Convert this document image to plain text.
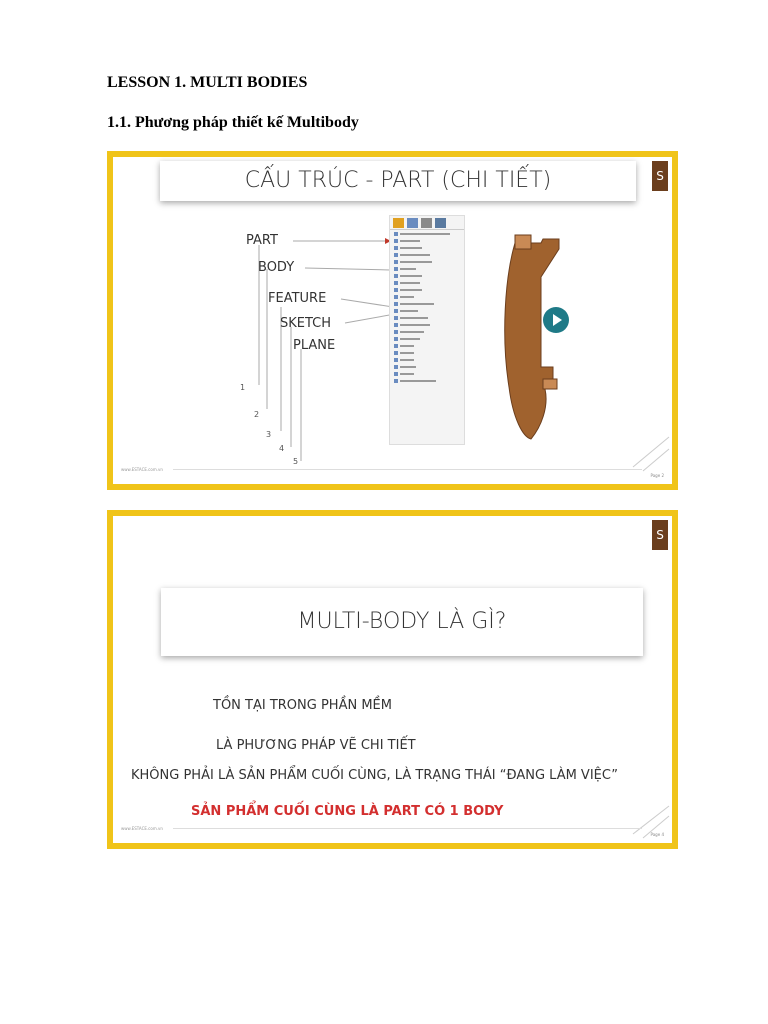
LESSON 1. MULTI BODIES

1.1. Phương pháp thiết kế Multibody

CẤU TRÚC - PART (CHI TIẾT)	S
PART
BODY
FEATURE
SKETCH
PLANE
1
2
3
4
5
www.ESTACE.com.vn
Page 2
MULTI-BODY LÀ GÌ?
S
TỒN TẠI TRONG PHẦN MỀM
LÀ PHƯƠNG PHÁP VẼ CHI TIẾT
KHÔNG PHẢI LÀ SẢN PHẨM CUỐI CÙNG, LÀ TRẠNG THÁI “ĐANG LÀM VIỆC”
SẢN PHẨM CUỐI CÙNG LÀ PART CÓ 1 BODY
www.ESTACE.com.vn
Page 4
